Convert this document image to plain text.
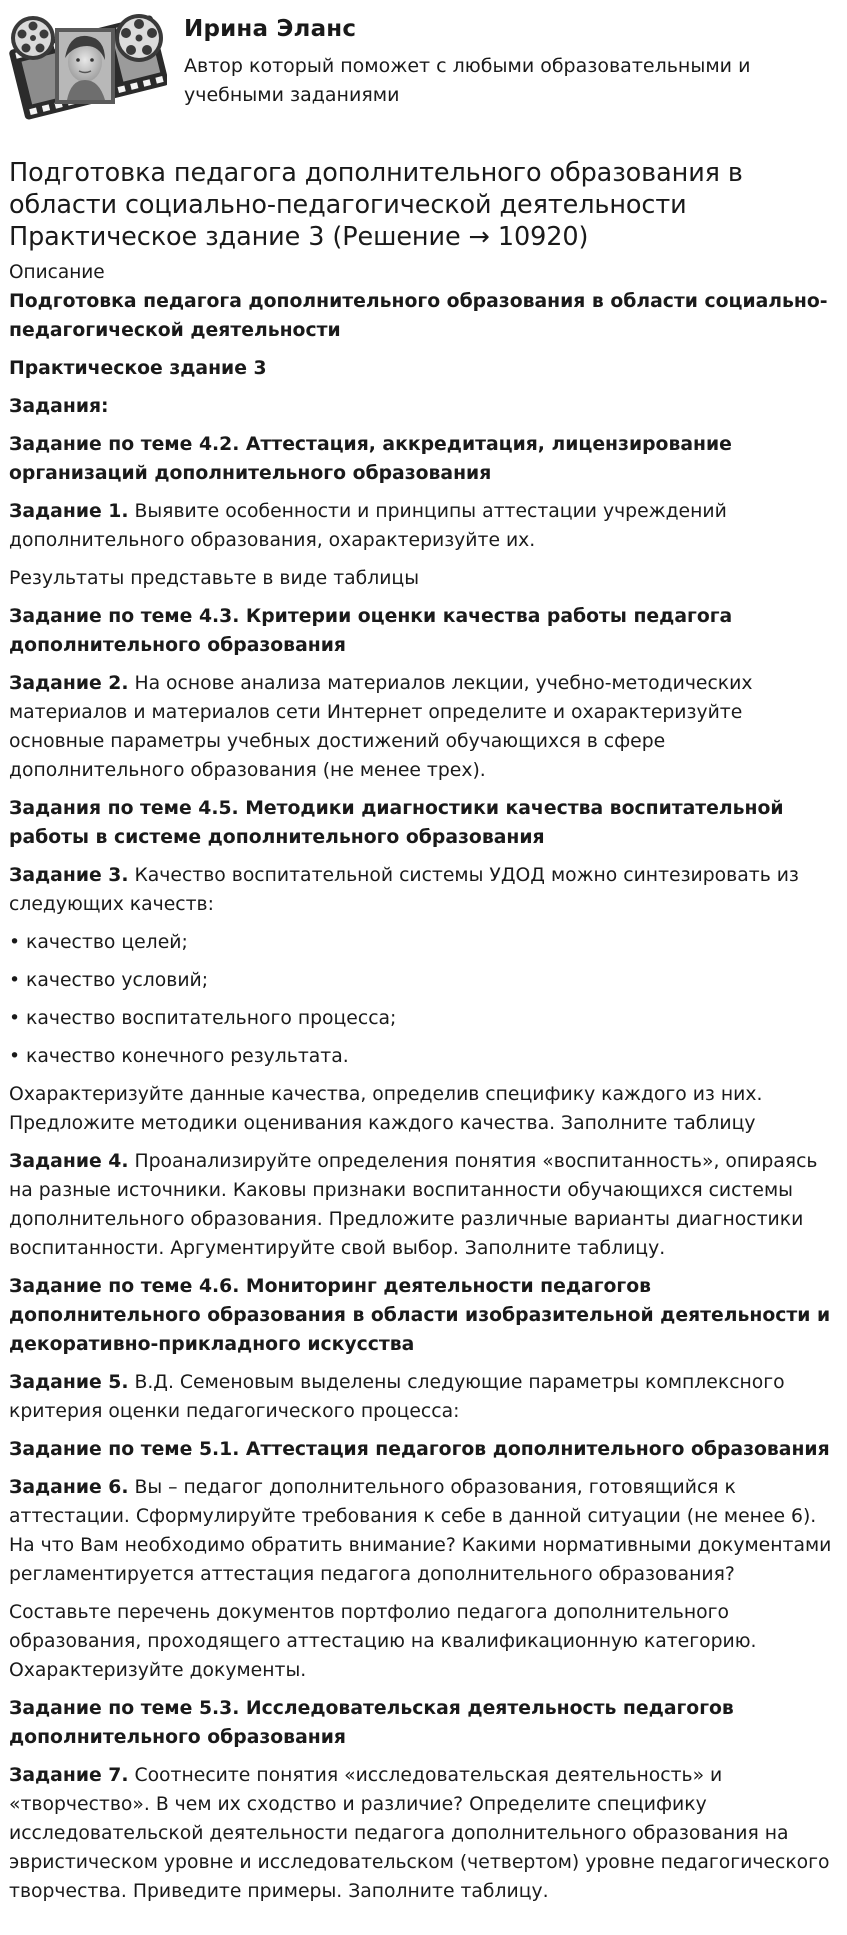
Ирина Эланс
Автор который поможет с любыми образовательными и учебными заданиями
Подготовка педагога дополнительного образования в области социально-педагогической деятельности Практическое здание 3 (Решение → 10920)
Описание

Подготовка педагога дополнительного образования в области социально-педагогической деятельности

Практическое здание 3

Задания:

Задание по теме 4.2. Аттестация, аккредитация, лицензирование организаций дополнительного образования

Задание 1. Выявите особенности и принципы аттестации учреждений дополнительного образования, охарактеризуйте их.

Результаты представьте в виде таблицы

Задание по теме 4.3. Критерии оценки качества работы педагога дополнительного образования

Задание 2. На основе анализа материалов лекции, учебно-методических материалов и материалов сети Интернет определите и охарактеризуйте основные параметры учебных достижений обучающихся в сфере дополнительного образования (не менее трех).

Задания по теме 4.5. Методики диагностики качества воспитательной работы в системе дополнительного образования

Задание 3. Качество воспитательной системы УДОД можно синтезировать из следующих качеств:

• качество целей;

• качество условий;

• качество воспитательного процесса;

• качество конечного результата.

Охарактеризуйте данные качества, определив специфику каждого из них. Предложите методики оценивания каждого качества. Заполните таблицу

Задание 4. Проанализируйте определения понятия «воспитанность», опираясь на разные источники. Каковы признаки воспитанности обучающихся системы дополнительного образования. Предложите различные варианты диагностики воспитанности. Аргументируйте свой выбор. Заполните таблицу.

Задание по теме 4.6. Мониторинг деятельности педагогов дополнительного образования в области изобразительной деятельности и декоративно-прикладного искусства

Задание 5. В.Д. Семеновым выделены следующие параметры комплексного критерия оценки педагогического процесса:

Задание по теме 5.1. Аттестация педагогов дополнительного образования

Задание 6. Вы – педагог дополнительного образования, готовящийся к аттестации. Сформулируйте требования к себе в данной ситуации (не менее 6). На что Вам необходимо обратить внимание? Какими нормативными документами регламентируется аттестация педагога дополнительного образования?

Составьте перечень документов портфолио педагога дополнительного образования, проходящего аттестацию на квалификационную категорию. Охарактеризуйте документы.

Задание по теме 5.3. Исследовательская деятельность педагогов дополнительного образования

Задание 7. Соотнесите понятия «исследовательская деятельность» и «творчество». В чем их сходство и различие? Определите специфику исследовательской деятельности педагога дополнительного образования на эвристическом уровне и исследовательском (четвертом) уровне педагогического творчества. Приведите примеры. Заполните таблицу.
